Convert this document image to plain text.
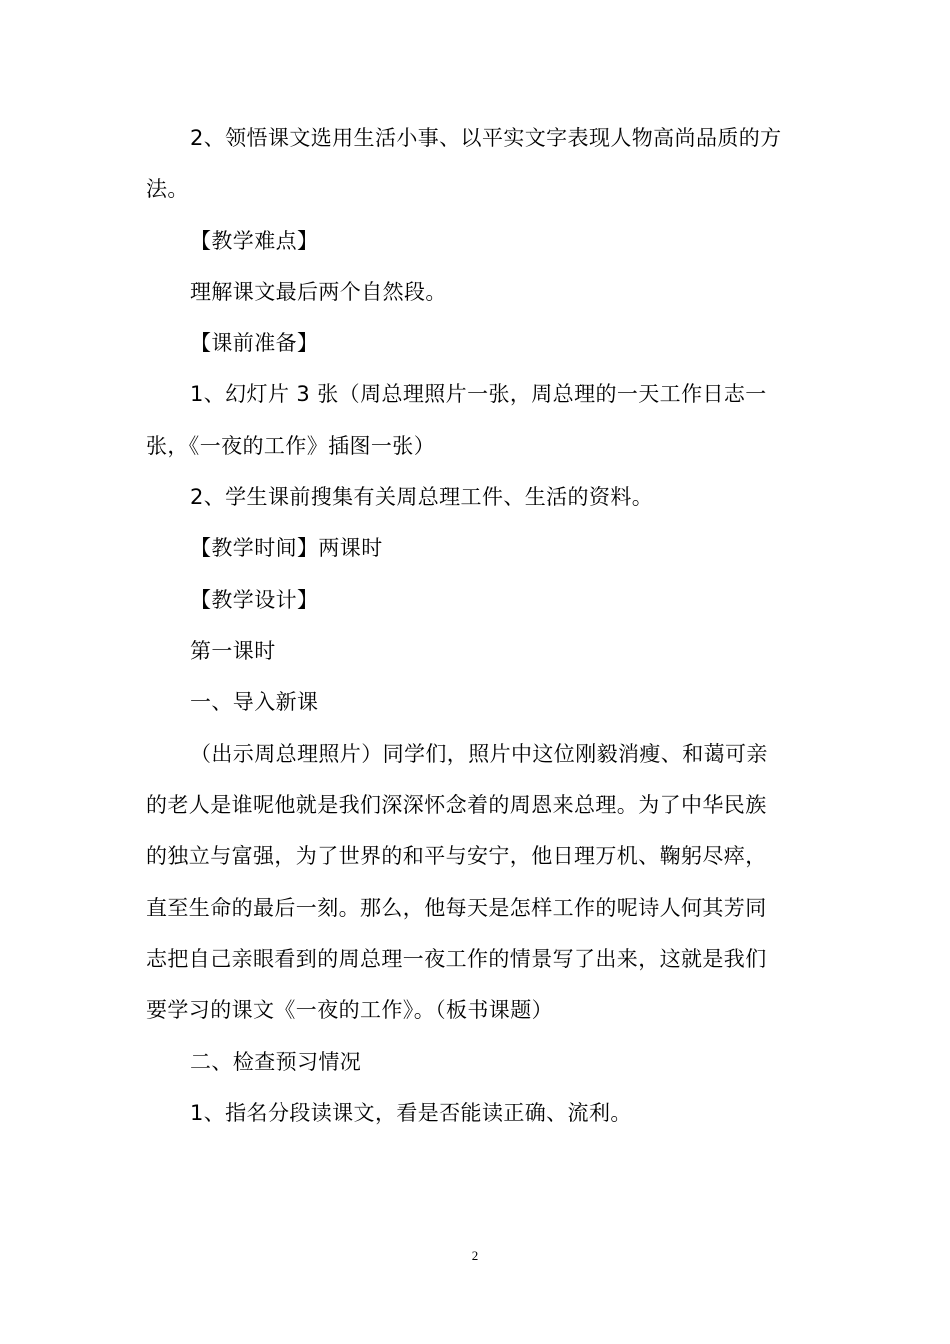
2、领悟课文选用生活小事、以平实文字表现人物高尚品质的方
法。
【教学难点】
理解课文最后两个自然段。
【课前准备】
1、幻灯片 3 张（周总理照片一张，周总理的一天工作日志一
张，《一夜的工作》插图一张）
2、学生课前搜集有关周总理工件、生活的资料。
【教学时间】两课时
【教学设计】
第一课时
一、导入新课
（出示周总理照片）同学们，照片中这位刚毅消瘦、和蔼可亲
的老人是谁呢他就是我们深深怀念着的周恩来总理。为了中华民族
的独立与富强，为了世界的和平与安宁，他日理万机、鞠躬尽瘁，
直至生命的最后一刻。那么，他每天是怎样工作的呢诗人何其芳同
志把自己亲眼看到的周总理一夜工作的情景写了出来，这就是我们
要学习的课文《一夜的工作》。（板书课题）
二、检查预习情况
1、指名分段读课文，看是否能读正确、流利。
2
